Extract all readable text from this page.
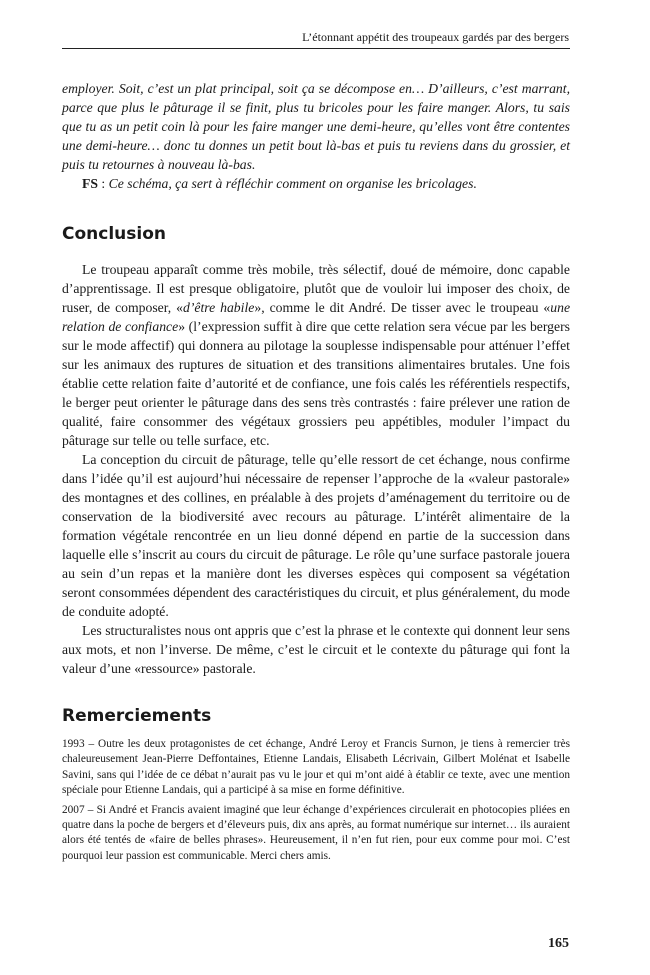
L’étonnant appétit des troupeaux gardés par des bergers

employer. Soit, c’est un plat principal, soit ça se décompose en… D’ailleurs, c’est marrant, parce que plus le pâturage il se finit, plus tu bricoles pour les faire manger. Alors, tu sais que tu as un petit coin là pour les faire manger une demi-heure, qu’elles vont être contentes une demi-heure… donc tu donnes un petit bout là-bas et puis tu reviens dans du grossier, et puis tu retournes à nouveau là-bas.

FS : Ce schéma, ça sert à réfléchir comment on organise les bricolages.

Conclusion

Le troupeau apparaît comme très mobile, très sélectif, doué de mémoire, donc capable d’apprentissage. Il est presque obligatoire, plutôt que de vouloir lui imposer des choix, de ruser, de composer, «d’être habile», comme le dit André. De tisser avec le troupeau «une relation de confiance» (l’expression suffit à dire que cette relation sera vécue par les bergers sur le mode affectif) qui donnera au pilotage la souplesse indispensable pour atténuer l’effet sur les animaux des ruptures de situation et des transitions alimentaires brutales. Une fois établie cette relation faite d’autorité et de confiance, une fois calés les référentiels respectifs, le berger peut orienter le pâturage dans des sens très contrastés : faire prélever une ration de qualité, faire consommer des végétaux grossiers peu appétibles, moduler l’impact du pâturage sur telle ou telle surface, etc.

La conception du circuit de pâturage, telle qu’elle ressort de cet échange, nous confirme dans l’idée qu’il est aujourd’hui nécessaire de repenser l’approche de la «valeur pastorale» des montagnes et des collines, en préalable à des projets d’aménagement du territoire ou de conservation de la biodiversité avec recours au pâturage. L’intérêt alimentaire de la formation végétale rencontrée en un lieu donné dépend en partie de la succession dans laquelle elle s’inscrit au cours du circuit de pâturage. Le rôle qu’une surface pastorale jouera au sein d’un repas et la manière dont les diverses espèces qui composent sa végétation seront consommées dépendent des caractéristiques du circuit, et plus généralement, du mode de conduite adopté.

Les structuralistes nous ont appris que c’est la phrase et le contexte qui donnent leur sens aux mots, et non l’inverse. De même, c’est le circuit et le contexte du pâturage qui font la valeur d’une «ressource» pastorale.

Remerciements

1993 – Outre les deux protagonistes de cet échange, André Leroy et Francis Surnon, je tiens à remercier très chaleureusement Jean-Pierre Deffontaines, Etienne Landais, Elisabeth Lécrivain, Gilbert Molénat et Isabelle Savini, sans qui l’idée de ce débat n’aurait pas vu le jour et qui m’ont aidé à établir ce texte, avec une mention spéciale pour Etienne Landais, qui a participé à sa mise en forme définitive.

2007 – Si André et Francis avaient imaginé que leur échange d’expériences circulerait en photocopies pliées en quatre dans la poche de bergers et d’éleveurs puis, dix ans après, au format numérique sur internet… ils auraient alors été tentés de «faire de belles phrases». Heureusement, il n’en fut rien, pour eux comme pour moi. C’est pourquoi leur passion est communicable. Merci chers amis.

165
